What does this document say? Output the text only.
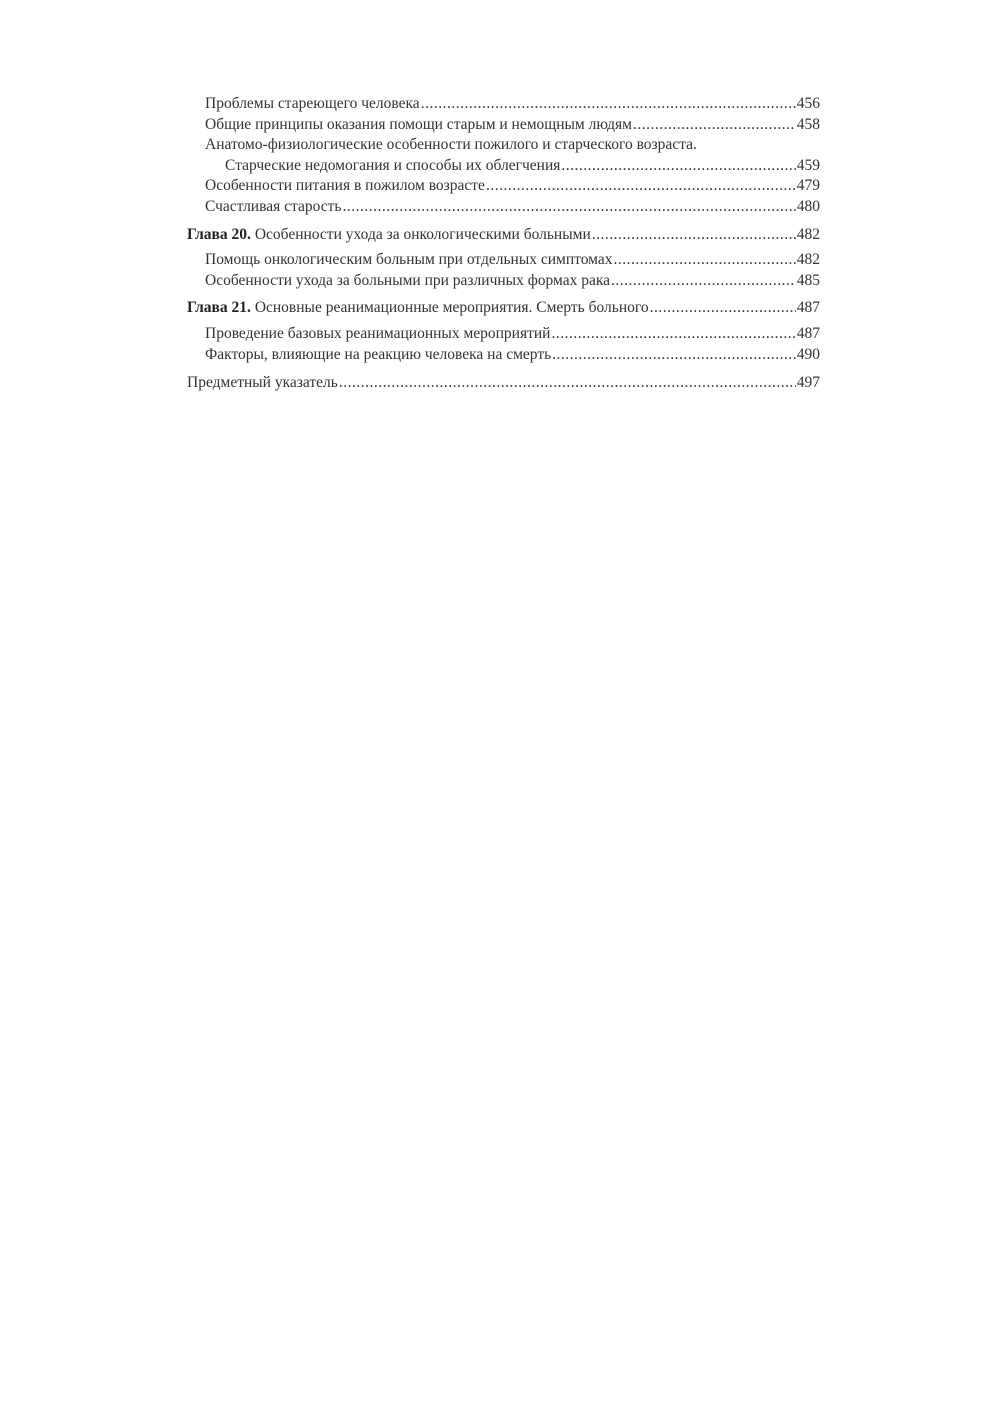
Проблемы стареющего человека .....	456
Общие принципы оказания помощи старым и немощным людям .....	458
Анатомо-физиологические особенности пожилого и старческого возраста.
Старческие недомогания и способы их облегчения .....	459
Особенности питания в пожилом возрасте .....	479
Счастливая старость .....	480
Глава 20. Особенности ухода за онкологическими больными .....	482
Помощь онкологическим больным при отдельных симптомах .....	482
Особенности ухода за больными при различных формах рака .....	485
Глава 21. Основные реанимационные мероприятия. Смерть больного .....	487
Проведение базовых реанимационных мероприятий .....	487
Факторы, влияющие на реакцию человека на смерть .....	490
Предметный указатель .....	497
